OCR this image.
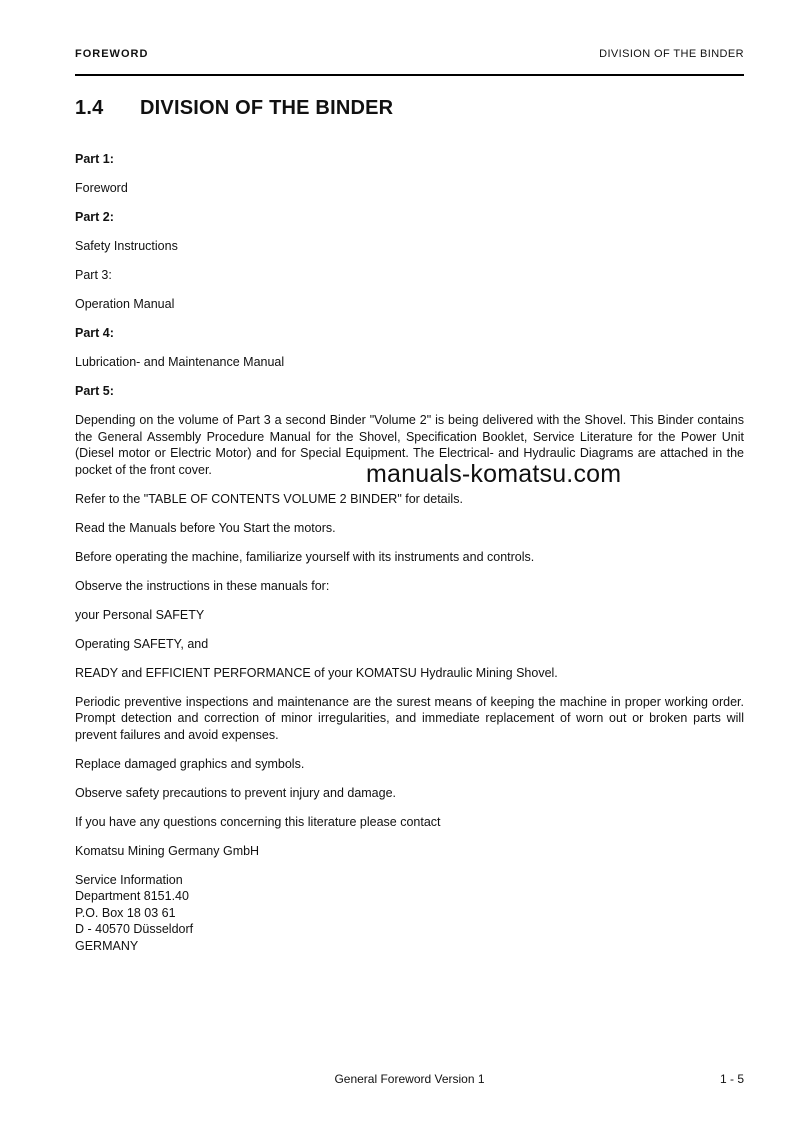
FOREWORD	DIVISION OF THE BINDER
1.4 DIVISION OF THE BINDER

Part 1:

Foreword

Part 2:

Safety Instructions

Part 3:

Operation Manual

Part 4:

Lubrication- and Maintenance Manual

Part 5:

Depending on the volume of Part 3 a second Binder "Volume 2" is being delivered with the Shovel. This Binder contains the General Assembly Procedure Manual for the Shovel, Specification Booklet, Service Literature for the Power Unit (Diesel motor or Electric Motor) and for Special Equipment. The Electrical- and Hydraulic Diagrams are attached in the pocket of the front cover.

Refer to the "TABLE OF CONTENTS VOLUME 2 BINDER" for details.

Read the Manuals before You Start the motors.

Before operating the machine, familiarize yourself with its instruments and controls.

Observe the instructions in these manuals for:

your Personal SAFETY

Operating SAFETY, and

READY and EFFICIENT PERFORMANCE of your KOMATSU Hydraulic Mining Shovel.

Periodic preventive inspections and maintenance are the surest means of keeping the machine in proper working order. Prompt detection and correction of minor irregularities, and immediate replacement of worn out or broken parts will prevent failures and avoid expenses.

Replace damaged graphics and symbols.

Observe safety precautions to prevent injury and damage.

If you have any questions concerning this literature please contact

Komatsu Mining Germany GmbH

Service Information
Department 8151.40
P.O. Box 18 03 61
D - 40570 Düsseldorf
GERMANY

manuals-komatsu.com
General Foreword Version 1	1 - 5
